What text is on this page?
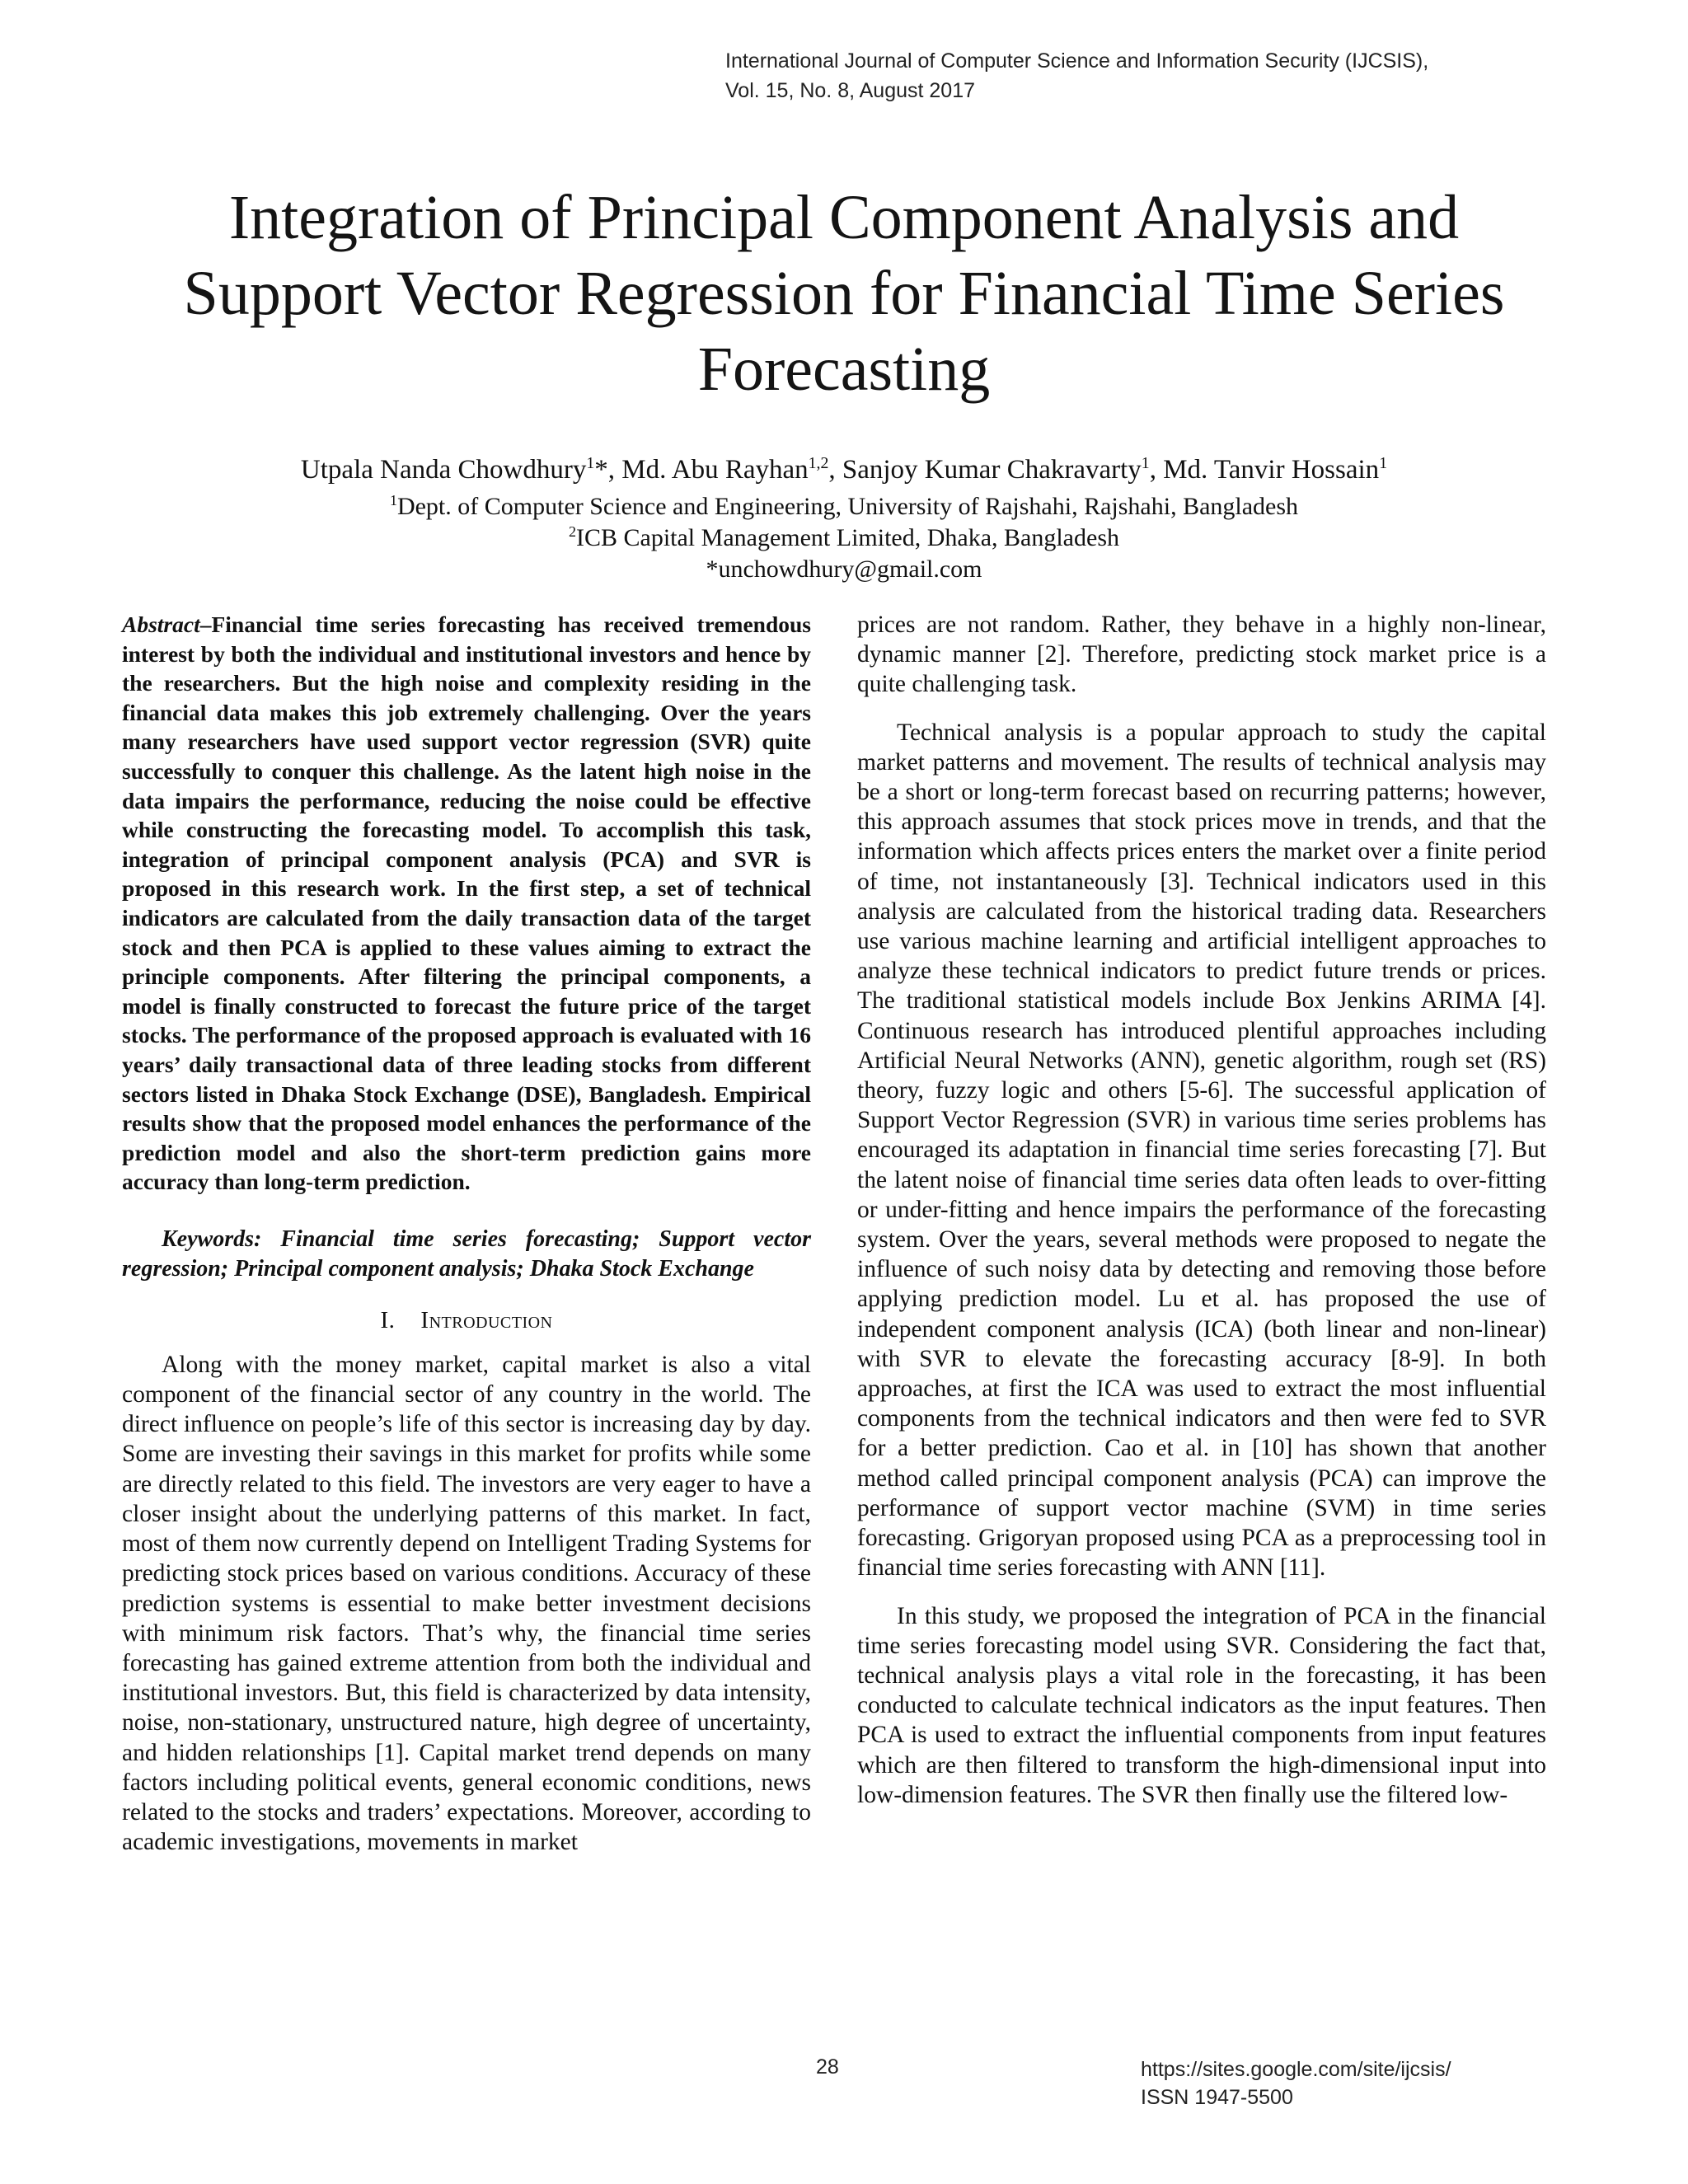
International Journal of Computer Science and Information Security (IJCSIS),
Vol. 15, No. 8, August 2017
Integration of Principal Component Analysis and
Support Vector Regression for Financial Time Series
Forecasting
Utpala Nanda Chowdhury$^1$*, Md. Abu Rayhan$^{1,2}$, Sanjoy Kumar Chakravarty$^1$, Md. Tanvir Hossain$^1$
$^1$Dept. of Computer Science and Engineering, University of Rajshahi, Rajshahi, Bangladesh
$^2$ICB Capital Management Limited, Dhaka, Bangladesh
*unchowdhury@gmail.com

Abstract–Financial time series forecasting has received tremendous interest by both the individual and institutional investors and hence by the researchers. But the high noise and complexity residing in the financial data makes this job extremely challenging. Over the years many researchers have used support vector regression (SVR) quite successfully to conquer this challenge. As the latent high noise in the data impairs the performance, reducing the noise could be effective while constructing the forecasting model. To accomplish this task, integration of principal component analysis (PCA) and SVR is proposed in this research work. In the first step, a set of technical indicators are calculated from the daily transaction data of the target stock and then PCA is applied to these values aiming to extract the principle components. After filtering the principal components, a model is finally constructed to forecast the future price of the target stocks. The performance of the proposed approach is evaluated with 16 years’ daily transactional data of three leading stocks from different sectors listed in Dhaka Stock Exchange (DSE), Bangladesh. Empirical results show that the proposed model enhances the performance of the prediction model and also the short-term prediction gains more accuracy than long-term prediction.

Keywords: Financial time series forecasting; Support vector regression; Principal component analysis; Dhaka Stock Exchange

I. Introduction

Along with the money market, capital market is also a vital component of the financial sector of any country in the world. The direct influence on people’s life of this sector is increasing day by day. Some are investing their savings in this market for profits while some are directly related to this field. The investors are very eager to have a closer insight about the underlying patterns of this market. In fact, most of them now currently depend on Intelligent Trading Systems for predicting stock prices based on various conditions. Accuracy of these prediction systems is essential to make better investment decisions with minimum risk factors. That’s why, the financial time series forecasting has gained extreme attention from both the individual and institutional investors. But, this field is characterized by data intensity, noise, non-stationary, unstructured nature, high degree of uncertainty, and hidden relationships [1]. Capital market trend depends on many factors including political events, general economic conditions, news related to the stocks and traders’ expectations. Moreover, according to academic investigations, movements in market

prices are not random. Rather, they behave in a highly non-linear, dynamic manner [2]. Therefore, predicting stock market price is a quite challenging task.

Technical analysis is a popular approach to study the capital market patterns and movement. The results of technical analysis may be a short or long-term forecast based on recurring patterns; however, this approach assumes that stock prices move in trends, and that the information which affects prices enters the market over a finite period of time, not instantaneously [3]. Technical indicators used in this analysis are calculated from the historical trading data. Researchers use various machine learning and artificial intelligent approaches to analyze these technical indicators to predict future trends or prices. The traditional statistical models include Box Jenkins ARIMA [4]. Continuous research has introduced plentiful approaches including Artificial Neural Networks (ANN), genetic algorithm, rough set (RS) theory, fuzzy logic and others [5-6]. The successful application of Support Vector Regression (SVR) in various time series problems has encouraged its adaptation in financial time series forecasting [7]. But the latent noise of financial time series data often leads to over-fitting or under-fitting and hence impairs the performance of the forecasting system. Over the years, several methods were proposed to negate the influence of such noisy data by detecting and removing those before applying prediction model. Lu et al. has proposed the use of independent component analysis (ICA) (both linear and non-linear) with SVR to elevate the forecasting accuracy [8-9]. In both approaches, at first the ICA was used to extract the most influential components from the technical indicators and then were fed to SVR for a better prediction. Cao et al. in [10] has shown that another method called principal component analysis (PCA) can improve the performance of support vector machine (SVM) in time series forecasting. Grigoryan proposed using PCA as a preprocessing tool in financial time series forecasting with ANN [11].

In this study, we proposed the integration of PCA in the financial time series forecasting model using SVR. Considering the fact that, technical analysis plays a vital role in the forecasting, it has been conducted to calculate technical indicators as the input features. Then PCA is used to extract the influential components from input features which are then filtered to transform the high-dimensional input into low-dimension features. The SVR then finally use the filtered low-

28	https://sites.google.com/site/ijcsis/
ISSN 1947-5500
